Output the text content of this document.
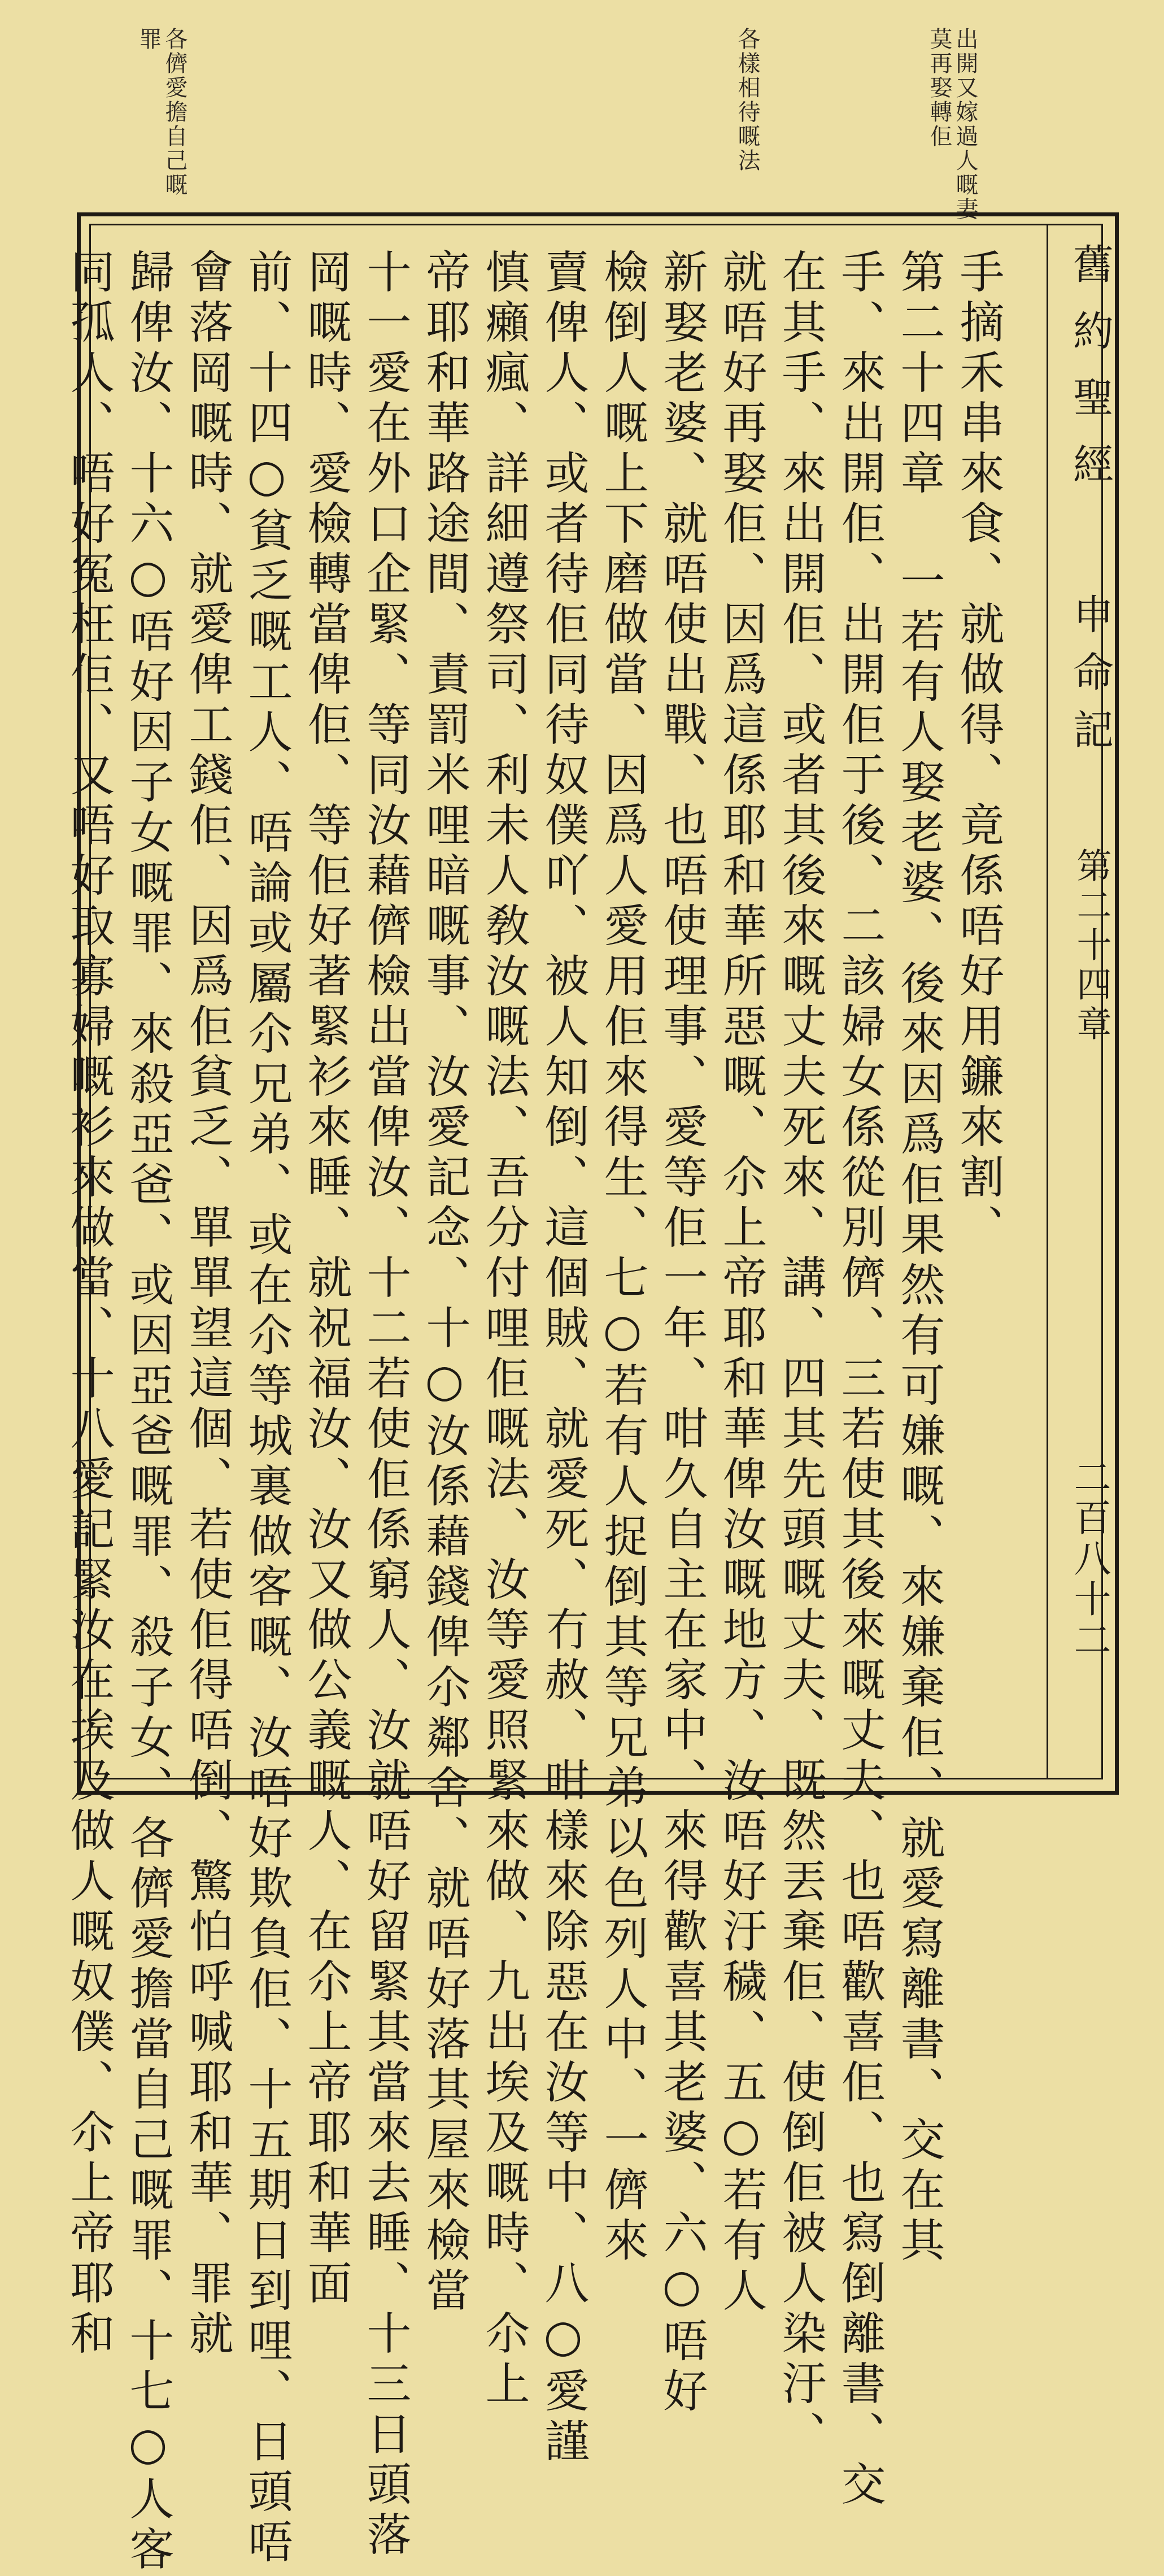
出開又嫁過人嘅妻莫再娶轉佢
各樣相待嘅法
各儕愛擔自己嘅罪
舊約聖經
申命記
第二十四章
二百八十二
手摘禾串來食、就做得、竟係唔好用鐮來割、
第二十四章 一若有人娶老婆、後來因爲佢果然有可嫌嘅、來嫌棄佢、就愛寫離書、交在其
手、來出開佢、出開佢于後、二該婦女係從別儕、三若使其後來嘅丈夫、也唔歡喜佢、也寫倒離書、交
在其手、來出開佢、或者其後來嘅丈夫死來、講、四其先頭嘅丈夫、既然丟棄佢、使倒佢被人染汙、
就唔好再娶佢、因爲這係耶和華所惡嘅、尒上帝耶和華俾汝嘅地方、汝唔好汙穢、五○若有人
新娶老婆、就唔使出戰、也唔使理事、愛等佢一年、咁久自主在家中、來得歡喜其老婆、六○唔好
檢倒人嘅上下磨做當、因爲人愛用佢來得生、七○若有人捉倒其等兄弟以色列人中、一儕來
賣俾人、或者待佢同待奴僕吖、被人知倒、這個賊、就愛死、冇赦、咁樣來除惡在汝等中、八○愛謹
慎癩瘋、詳細遵祭司、利未人敎汝嘅法、吾分付哩佢嘅法、汝等愛照緊來做、九出埃及嘅時、尒上
帝耶和華路途間、責罰米哩暗嘅事、汝愛記念、十○汝係藉錢俾尒鄰舍、就唔好落其屋來檢當
十一愛在外口企緊、等同汝藉儕檢出當俾汝、十二若使佢係窮人、汝就唔好留緊其當來去睡、十三日頭落
岡嘅時、愛檢轉當俾佢、等佢好著緊衫來睡、就祝福汝、汝又做公義嘅人、在尒上帝耶和華面
前、十四○貧乏嘅工人、唔論或屬尒兄弟、或在尒等城裏做客嘅、汝唔好欺負佢、十五期日到哩、日頭唔
會落岡嘅時、就愛俾工錢佢、因爲佢貧乏、單單望這個、若使佢得唔倒、驚怕呼喊耶和華、罪就
歸俾汝、十六○唔好因子女嘅罪、來殺亞爸、或因亞爸嘅罪、殺子女、各儕愛擔當自己嘅罪、十七○人客
同孤人、唔好冤枉佢、又唔好取寡婦嘅衫來做當、十八愛記緊汝在埃及做人嘅奴僕、尒上帝耶和
